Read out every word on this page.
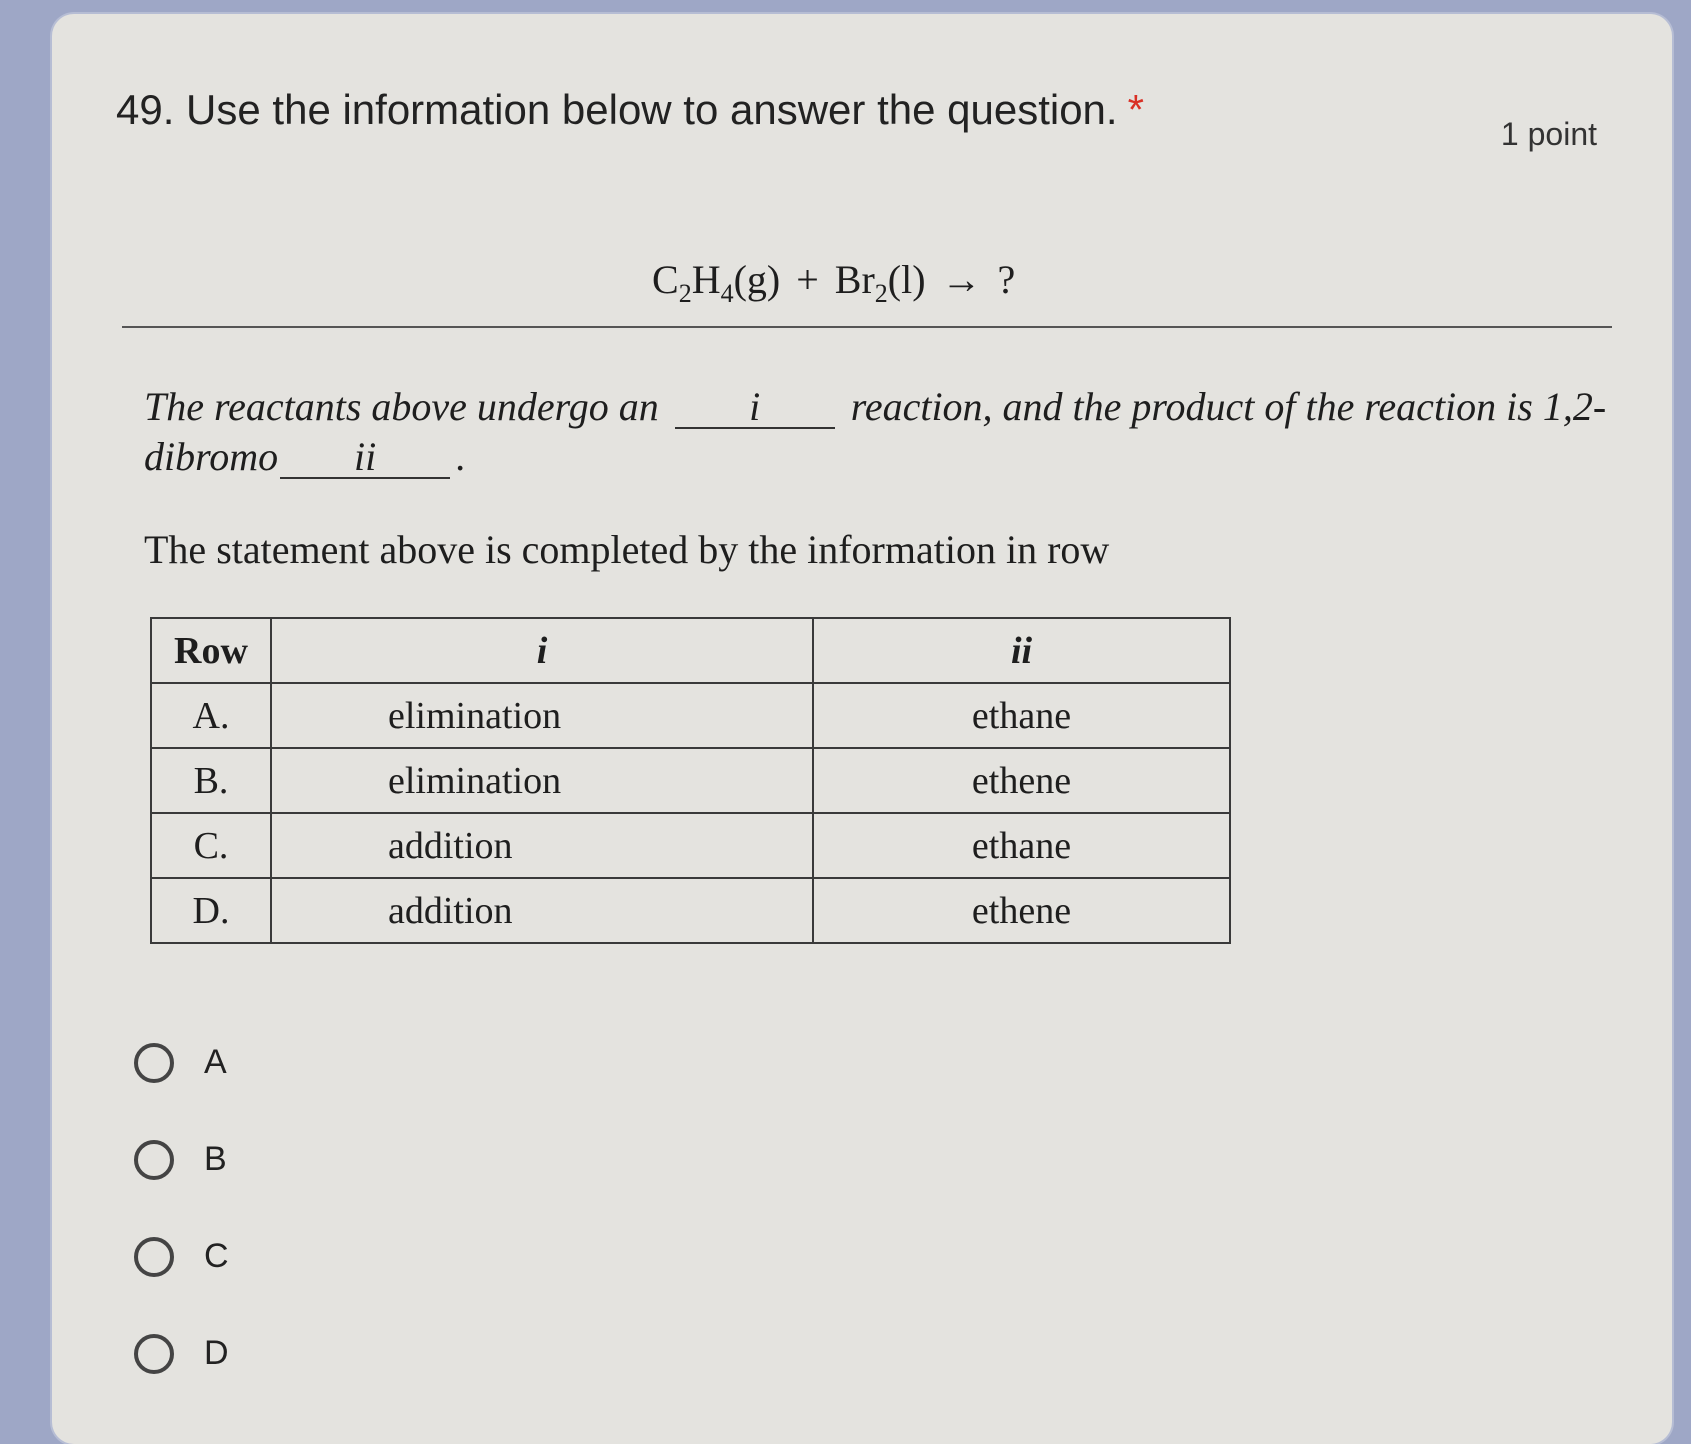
49. Use the information below to answer the question. *
1 point
$C_2H_4(g) + Br_2(l)$ → ?
The reactants above undergo an i reaction, and the product of the reaction is 1,2-dibromo ii .
The statement above is completed by the information in row
Row	i	ii
A.	elimination	ethane
B.	elimination	ethene
C.	addition	ethane
D.	addition	ethene
A
B
C
D
